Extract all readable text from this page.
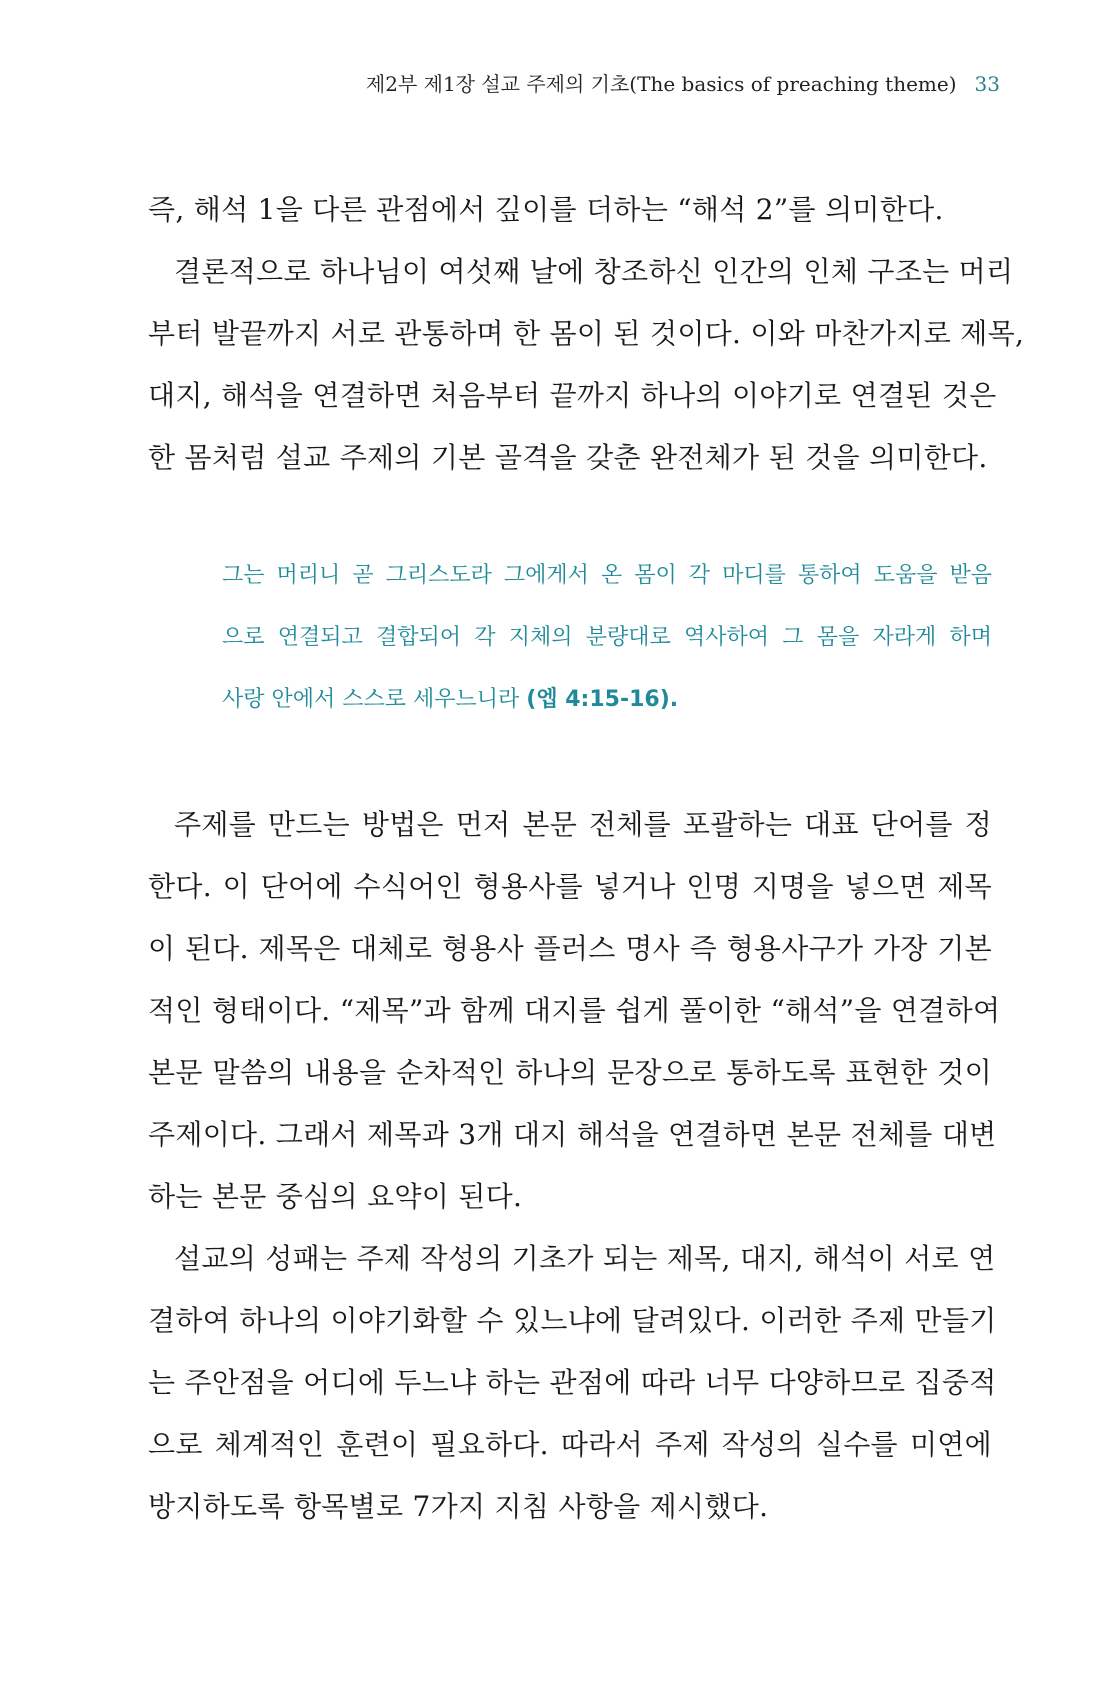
제2부 제1장 설교 주제의 기초(The basics of preaching theme) 33
즉, 해석 1을 다른 관점에서 깊이를 더하는 “해석 2”를 의미한다.
결론적으로 하나님이 여섯째 날에 창조하신 인간의 인체 구조는 머리
부터 발끝까지 서로 관통하며 한 몸이 된 것이다. 이와 마찬가지로 제목,
대지, 해석을 연결하면 처음부터 끝까지 하나의 이야기로 연결된 것은
한 몸처럼 설교 주제의 기본 골격을 갖춘 완전체가 된 것을 의미한다.
그는 머리니 곧 그리스도라 그에게서 온 몸이 각 마디를 통하여 도움을 받음
으로 연결되고 결합되어 각 지체의 분량대로 역사하여 그 몸을 자라게 하며
사랑 안에서 스스로 세우느니라 (엡 4:15-16).
주제를 만드는 방법은 먼저 본문 전체를 포괄하는 대표 단어를 정
한다. 이 단어에 수식어인 형용사를 넣거나 인명 지명을 넣으면 제목
이 된다. 제목은 대체로 형용사 플러스 명사 즉 형용사구가 가장 기본
적인 형태이다. “제목”과 함께 대지를 쉽게 풀이한 “해석”을 연결하여
본문 말씀의 내용을 순차적인 하나의 문장으로 통하도록 표현한 것이
주제이다. 그래서 제목과 3개 대지 해석을 연결하면 본문 전체를 대변
하는 본문 중심의 요약이 된다.
설교의 성패는 주제 작성의 기초가 되는 제목, 대지, 해석이 서로 연
결하여 하나의 이야기화할 수 있느냐에 달려있다. 이러한 주제 만들기
는 주안점을 어디에 두느냐 하는 관점에 따라 너무 다양하므로 집중적
으로 체계적인 훈련이 필요하다. 따라서 주제 작성의 실수를 미연에
방지하도록 항목별로 7가지 지침 사항을 제시했다.
